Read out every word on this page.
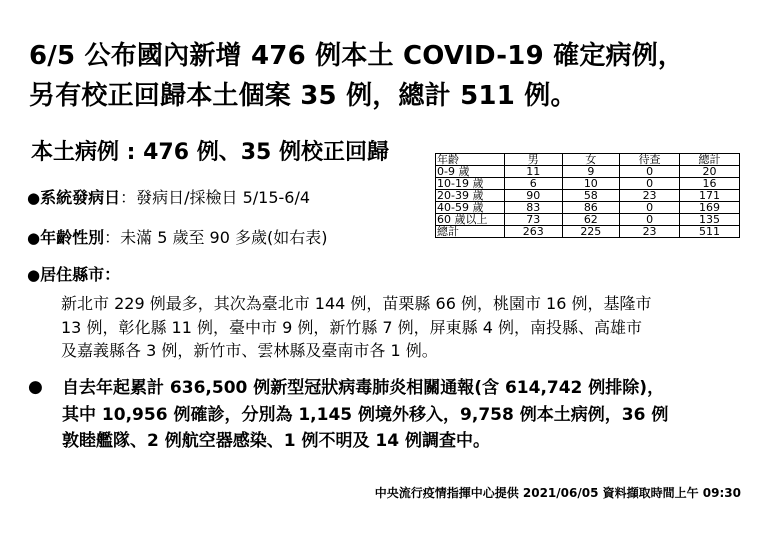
6/5 公布國內新增 476 例本土 COVID-19 確定病例，
另有校正回歸本土個案 35 例，總計 511 例。
本土病例 : 476 例、35 例校正回歸
●系統發病日：發病日/採檢日 5/15-6/4
●年齡性別：未滿 5 歲至 90 多歲(如右表)
●居住縣市：
新北市 229 例最多，其次為臺北市 144 例，苗栗縣 66 例，桃園市 16 例，基隆市
13 例，彰化縣 11 例，臺中市 9 例，新竹縣 7 例，屏東縣 4 例，南投縣、高雄市
及嘉義縣各 3 例，新竹市、雲林縣及臺南市各 1 例。
● 自去年起累計 636,500 例新型冠狀病毒肺炎相關通報(含 614,742 例排除)，
其中 10,956 例確診，分別為 1,145 例境外移入，9,758 例本土病例，36 例
敦睦艦隊、2 例航空器感染、1 例不明及 14 例調查中。
年齡	男	女	待查	總計
0-9 歲	11	9	0	20
10-19 歲	6	10	0	16
20-39 歲	90	58	23	171
40-59 歲	83	86	0	169
60 歲以上	73	62	0	135
總計	263	225	23	511
中央流行疫情指揮中心提供 2021/06/05 資料擷取時間上午 09:30
